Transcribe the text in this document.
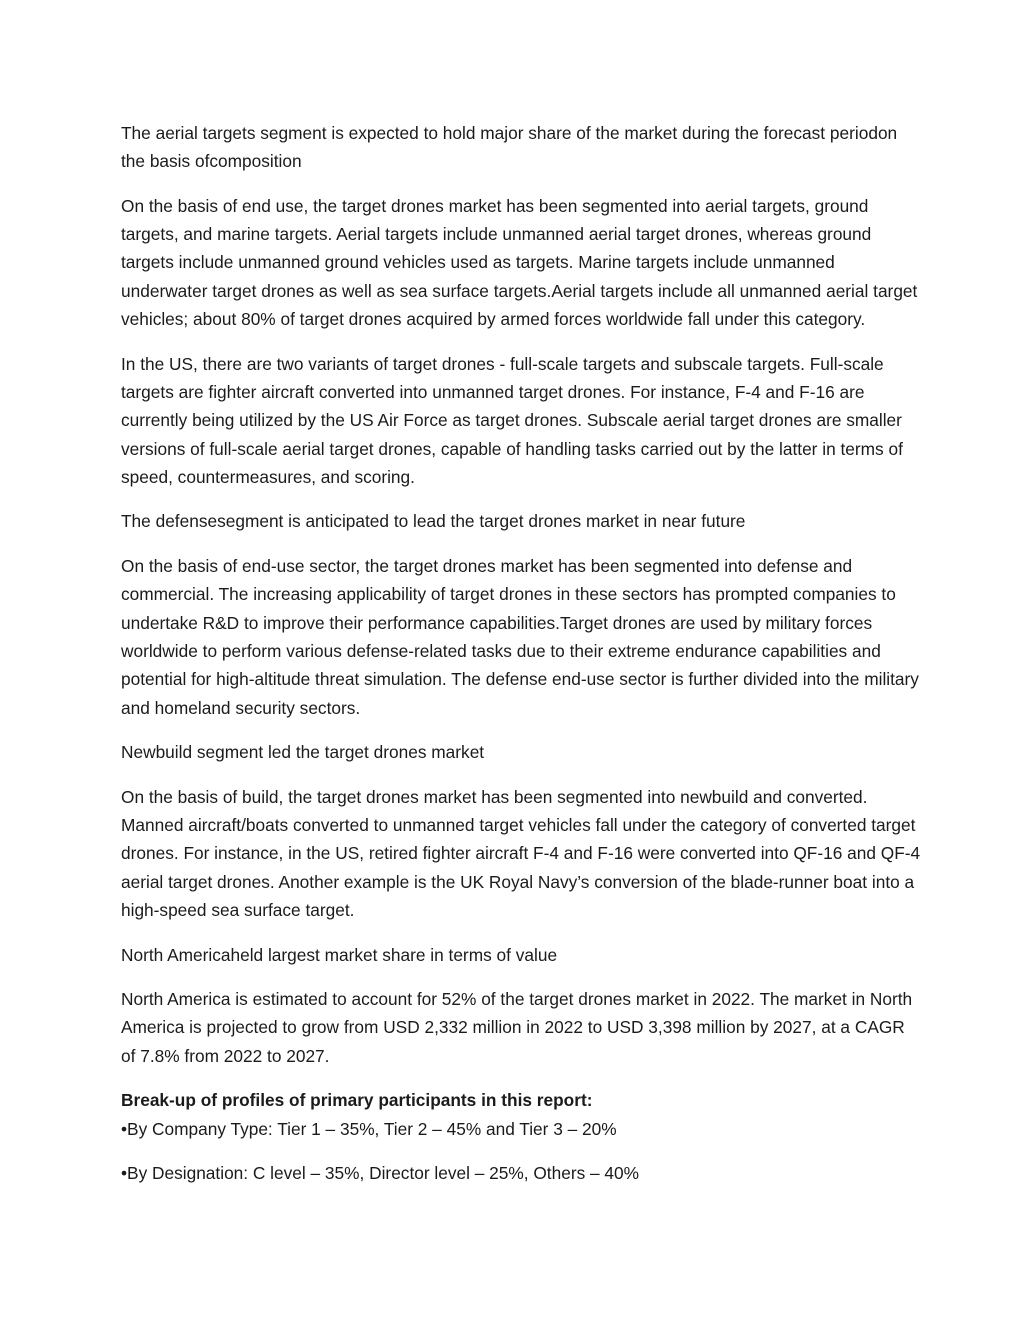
The aerial targets segment is expected to hold major share of the market during the forecast periodon the basis ofcomposition

On the basis of end use, the target drones market has been segmented into aerial targets, ground targets, and marine targets. Aerial targets include unmanned aerial target drones, whereas ground targets include unmanned ground vehicles used as targets. Marine targets include unmanned underwater target drones as well as sea surface targets.Aerial targets include all unmanned aerial target vehicles; about 80% of target drones acquired by armed forces worldwide fall under this category.

In the US, there are two variants of target drones - full-scale targets and subscale targets. Full-scale targets are fighter aircraft converted into unmanned target drones. For instance, F-4 and F-16 are currently being utilized by the US Air Force as target drones. Subscale aerial target drones are smaller versions of full-scale aerial target drones, capable of handling tasks carried out by the latter in terms of speed, countermeasures, and scoring.

The defensesegment is anticipated to lead the target drones market in near future

On the basis of end-use sector, the target drones market has been segmented into defense and commercial. The increasing applicability of target drones in these sectors has prompted companies to undertake R&D to improve their performance capabilities.Target drones are used by military forces worldwide to perform various defense-related tasks due to their extreme endurance capabilities and potential for high-altitude threat simulation. The defense end-use sector is further divided into the military and homeland security sectors.

Newbuild segment led the target drones market

On the basis of build, the target drones market has been segmented into newbuild and converted. Manned aircraft/boats converted to unmanned target vehicles fall under the category of converted target drones. For instance, in the US, retired fighter aircraft F-4 and F-16 were converted into QF-16 and QF-4 aerial target drones. Another example is the UK Royal Navy’s conversion of the blade-runner boat into a high-speed sea surface target.

North Americaheld largest market share in terms of value

North America is estimated to account for 52% of the target drones market in 2022. The market in North America is projected to grow from USD 2,332 million in 2022 to USD 3,398 million by 2027, at a CAGR of 7.8% from 2022 to 2027.

Break-up of profiles of primary participants in this report:

•By Company Type: Tier 1 – 35%, Tier 2 – 45% and Tier 3 – 20%

•By Designation: C level – 35%, Director level – 25%, Others – 40%
